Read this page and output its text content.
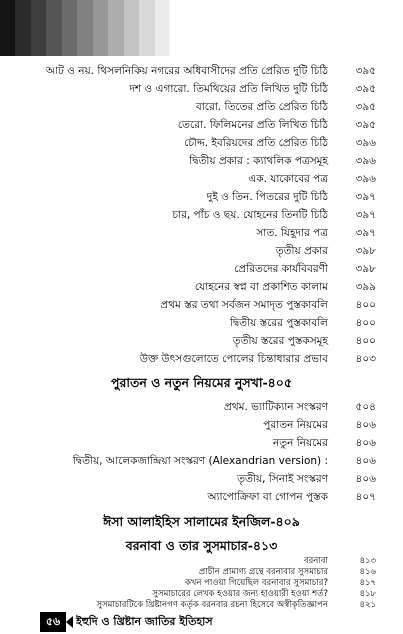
আট ও নয়. থিসলনিকিয় নগরের অধিবাসীদের প্রতি প্রেরিত দুটি চিঠি	৩৯৫
দশ ও এগারো. তিমথিয়ের প্রতি লিখিত দুটি চিঠি	৩৯৫
বারো. তিতের প্রতি প্রেরিত চিঠি	৩৯৫
তেরো. ফিলিমনের প্রতি লিখিত চিঠি	৩৯৫
চৌদ্দ. ইবরিয়দের প্রতি প্রেরিত চিঠি	৩৯৬
দ্বিতীয় প্রকার : ক্যাথলিক পত্রসমূহ	৩৯৬
এক. যাকোবের পত্র	৩৯৬
দুই ও তিন. পিতরের দুটি চিঠি	৩৯৭
চার, পাঁচ ও ছয়. যোহনের তিনটি চিঠি	৩৯৭
সাত. যিহূদার পত্র	৩৯৭
তৃতীয় প্রকার	৩৯৮
প্রেরিতদের কার্যবিবরণী	৩৯৮
যোহনের স্বপ্ন বা প্রকাশিত কালাম	৩৯৯
প্রথম স্তর তথা সর্বজন সমাদৃত পুস্তকাবলি	৪০০
দ্বিতীয় স্তরের পুস্তকাবলি	৪০০
তৃতীয় স্তরের পুস্তকসমূহ	৪০০
উক্ত উৎসগুলোতে পোলের চিন্তাধারার প্রভাব	৪০৩
পুরাতন ও নতুন নিয়মের নুসখা-৪০৫
প্রথম. ভ্যাটিক্যান সংস্করণ	৫০৪
পুরাতন নিয়মের	৪০৬
নতুন নিয়মের	৪০৬
দ্বিতীয়, আলেকজান্দ্রিয়া সংস্করণ (Alexandrian version) :	৪০৬
তৃতীয়, সিনাই সংস্করণ	৪০৬
অ্যাপোক্রিফা বা গোপন পুস্তক	৪০৭
ঈসা আলাইহিস সালামের ইনজিল-৪০৯
বরনাবা ও তার সুসমাচার-৪১৩
বরনাবা	৪১৩
প্রাচীন প্রামাণ্য গ্রন্থে বরনাবার সুসমাচার	৪১৬
কখন পাওয়া গিয়েছিল বরনাবার সুসমাচার?	৪১৭
সুসমাচারের লেখক হওয়ার জন্য হাওয়ারী হওয়া শর্ত?	৪১৮
সুসমাচারটিকে খ্রিষ্টানগণ কর্তৃক বরনবার রচনা হিসেবে অস্বীকৃতিজ্ঞাপন	৪২১
৫৬	ইহুদি ও খ্রিষ্টান জাতির ইতিহাস
